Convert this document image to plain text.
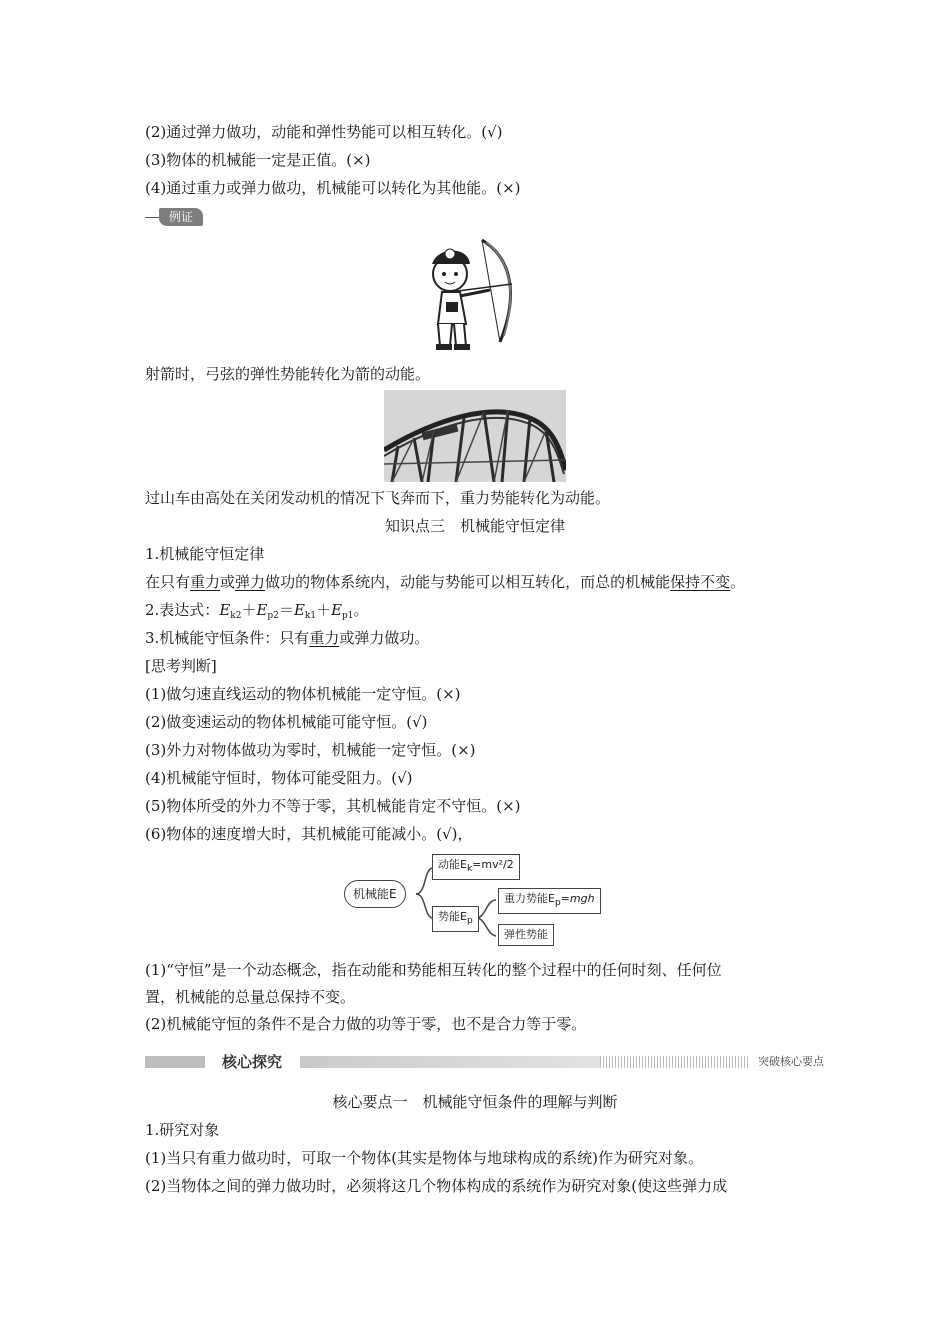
(2)通过弹力做功，动能和弹性势能可以相互转化。(√)
(3)物体的机械能一定是正值。(×)
(4)通过重力或弹力做功，机械能可以转化为其他能。(×)
例证
射箭时，弓弦的弹性势能转化为箭的动能。
过山车由高处在关闭发动机的情况下飞奔而下，重力势能转化为动能。
知识点三　机械能守恒定律
1.机械能守恒定律
在只有重力或弹力做功的物体系统内，动能与势能可以相互转化，而总的机械能保持不变。
2.表达式：$E_{k2}+E_{p2}=E_{k1}+E_{p1}$。
3.机械能守恒条件：只有重力或弹力做功。
[思考判断]
(1)做匀速直线运动的物体机械能一定守恒。(×)
(2)做变速运动的物体机械能可能守恒。(√)
(3)外力对物体做功为零时，机械能一定守恒。(×)
(4)机械能守恒时，物体可能受阻力。(√)
(5)物体所受的外力不等于零，其机械能肯定不守恒。(×)
(6)物体的速度增大时，其机械能可能减小。(√)，
机械能E
动能$E_k=mv^2/2$
势能$E_p$
重力势能$E_p=mgh$
弹性势能
(1)“守恒”是一个动态概念，指在动能和势能相互转化的整个过程中的任何时刻、任何位
置，机械能的总量总保持不变。
(2)机械能守恒的条件不是合力做的功等于零，也不是合力等于零。
核心探究	突破核心要点
核心要点一　机械能守恒条件的理解与判断
1.研究对象
(1)当只有重力做功时，可取一个物体(其实是物体与地球构成的系统)作为研究对象。
(2)当物体之间的弹力做功时，必须将这几个物体构成的系统作为研究对象(使这些弹力成
